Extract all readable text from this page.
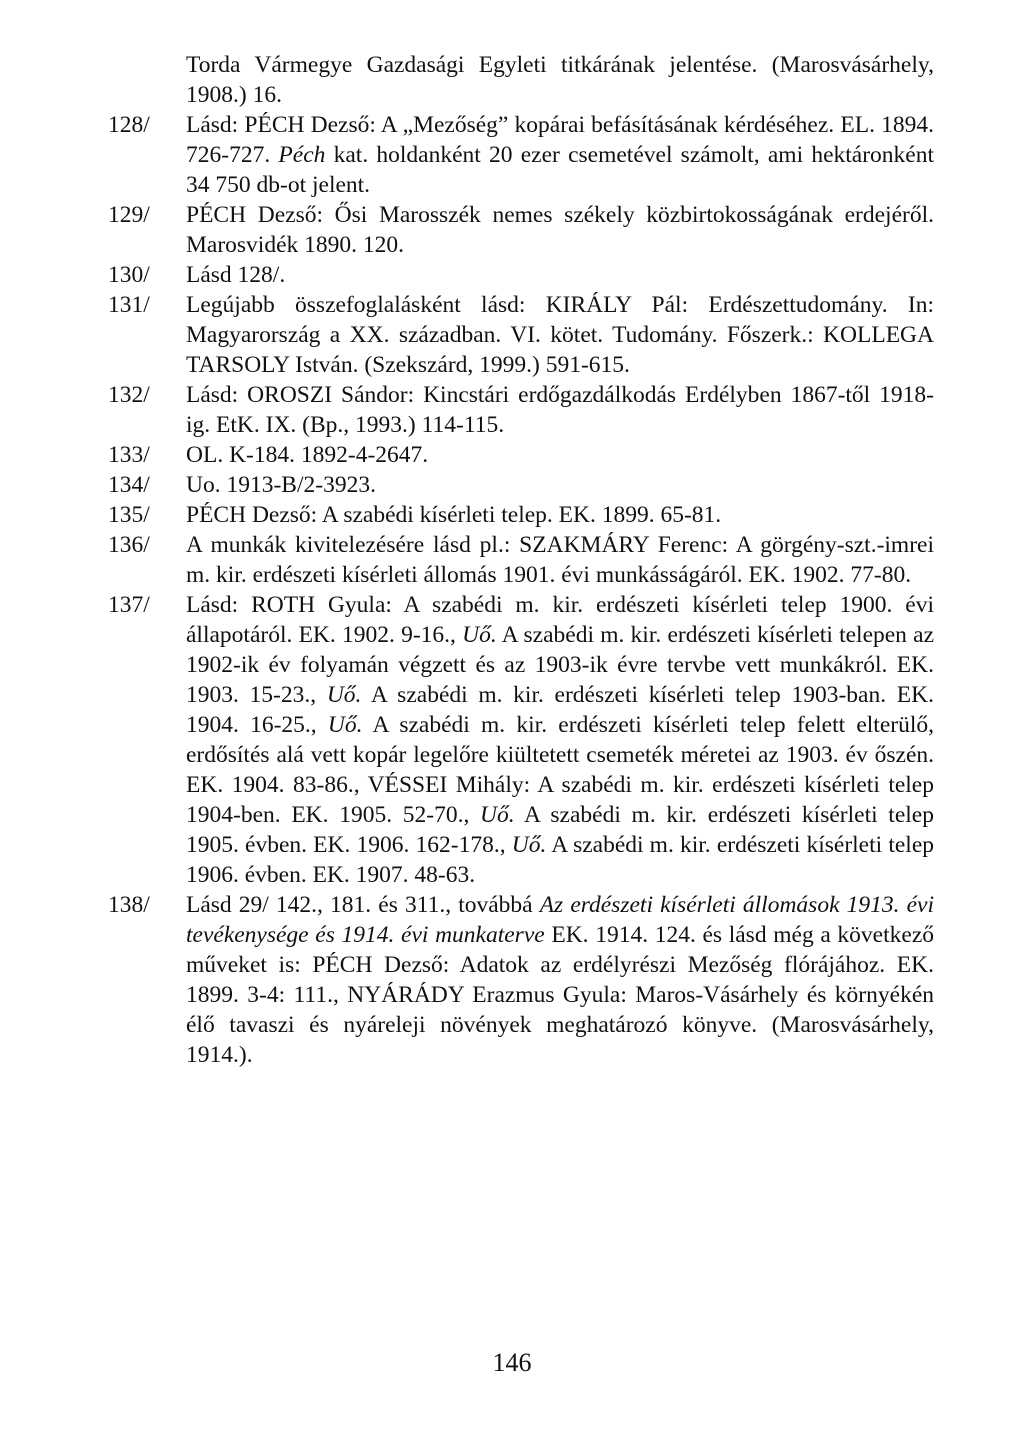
Torda Vármegye Gazdasági Egyleti titkárának jelentése. (Marosvásárhely, 1908.) 16.
128/	Lásd: PÉCH Dezső: A „Mezőség” kopárai befásításának kérdéséhez. EL. 1894. 726-727. Péch kat. holdanként 20 ezer csemetével számolt, ami hektáronként 34 750 db-ot jelent.
129/	PÉCH Dezső: Ősi Marosszék nemes székely közbirtokosságának erdejéről. Marosvidék 1890. 120.
130/	Lásd 128/.
131/	Legújabb összefoglalásként lásd: KIRÁLY Pál: Erdészettudomány. In: Magyarország a XX. században. VI. kötet. Tudomány. Főszerk.: KOLLEGA TARSOLY István. (Szekszárd, 1999.) 591-615.
132/	Lásd: OROSZI Sándor: Kincstári erdőgazdálkodás Erdélyben 1867-től 1918-ig. EtK. IX. (Bp., 1993.) 114-115.
133/	OL. K-184. 1892-4-2647.
134/	Uo. 1913-B/2-3923.
135/	PÉCH Dezső: A szabédi kísérleti telep. EK. 1899. 65-81.
136/	A munkák kivitelezésére lásd pl.: SZAKMÁRY Ferenc: A görgény-szt.-imrei m. kir. erdészeti kísérleti állomás 1901. évi munkásságáról. EK. 1902. 77-80.
137/	Lásd: ROTH Gyula: A szabédi m. kir. erdészeti kísérleti telep 1900. évi állapotáról. EK. 1902. 9-16., Uő. A szabédi m. kir. erdészeti kísérleti telepen az 1902-ik év folyamán végzett és az 1903-ik évre tervbe vett munkákról. EK. 1903. 15-23., Uő. A szabédi m. kir. erdészeti kísérleti telep 1903-ban. EK. 1904. 16-25., Uő. A szabédi m. kir. erdészeti kísérleti telep felett elterülő, erdősítés alá vett kopár legelőre kiültetett csemeték méretei az 1903. év őszén. EK. 1904. 83-86., VÉSSEI Mihály: A szabédi m. kir. erdészeti kísérleti telep 1904-ben. EK. 1905. 52-70., Uő. A szabédi m. kir. erdészeti kísérleti telep 1905. évben. EK. 1906. 162-178., Uő. A szabédi m. kir. erdészeti kísérleti telep 1906. évben. EK. 1907. 48-63.
138/	Lásd 29/ 142., 181. és 311., továbbá Az erdészeti kísérleti állomások 1913. évi tevékenysége és 1914. évi munkaterve EK. 1914. 124. és lásd még a következő műveket is: PÉCH Dezső: Adatok az erdélyrészi Mezőség flórájához. EK. 1899. 3-4: 111., NYÁRÁDY Erazmus Gyula: Maros-Vásárhely és környékén élő tavaszi és nyáreleji növények meghatározó könyve. (Marosvásárhely, 1914.).
146
